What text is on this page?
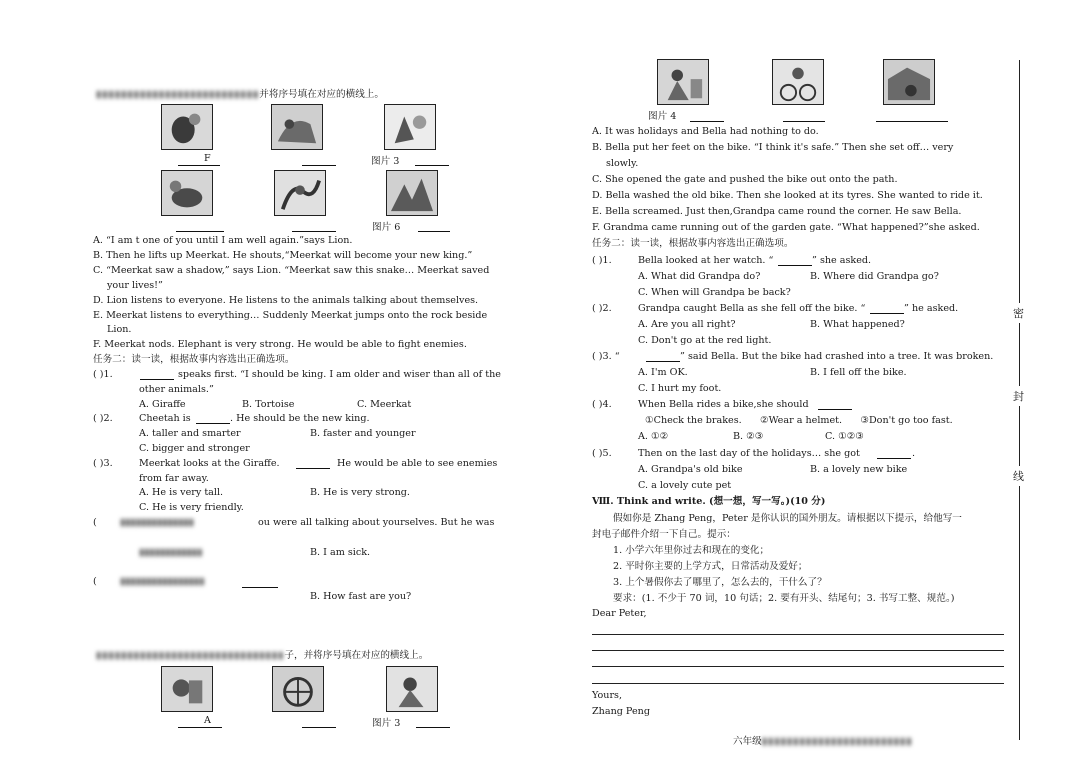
▮▮▮▮▮▮▮▮▮▮▮▮▮▮▮▮▮▮▮▮▮▮▮▮▮▮并将序号填在对应的横线上。
F	图片 3
图片 6
A. “I am t one of you until I am well again.”says Lion.
B. Then he lifts up Meerkat. He shouts,“Meerkat will become your new king.”
C. “Meerkat saw a shadow,” says Lion. “Meerkat saw this snake… Meerkat saved
your lives!”
D. Lion listens to everyone. He listens to the animals talking about themselves.
E. Meerkat listens to everything… Suddenly Meerkat jumps onto the rock beside
Lion.
F. Meerkat nods. Elephant is very strong. He would be able to fight enemies.
任务二：读一读，根据故事内容选出正确选项。
( )1.	speaks first. “I should be king. I am older and wiser than all of the
other animals.”
A. Giraffe	B. Tortoise	C. Meerkat
( )2.	Cheetah is	. He should be the new king.
A. taller and smarter	B. faster and younger
C. bigger and stronger
( )3.	Meerkat looks at the Giraffe.	He would be able to see enemies
from far away.
A. He is very tall.	B. He is very strong.
C. He is very friendly.
( ▮▮▮▮▮▮▮▮▮▮▮▮▮▮	ou were all talking about yourselves. But he was
▮▮▮▮▮▮▮▮▮▮▮▮	B. I am sick.
( ▮▮▮▮▮▮▮▮▮▮▮▮▮▮▮▮
B. How fast are you?
▮▮▮▮▮▮▮▮▮▮▮▮▮▮▮▮▮▮▮▮▮▮▮▮▮▮▮▮▮▮子，并将序号填在对应的横线上。
A	图片 3
图片 4
A. It was holidays and Bella had nothing to do.
B. Bella put her feet on the bike. “I think it's safe.” Then she set off… very
slowly.
C. She opened the gate and pushed the bike out onto the path.
D. Bella washed the old bike. Then she looked at its tyres. She wanted to ride it.
E. Bella screamed. Just then,Grandpa came round the corner. He saw Bella.
F. Grandma came running out of the garden gate. “What happened?”she asked.
任务二：读一读，根据故事内容选出正确选项。
( )1.	Bella looked at her watch. “	” she asked.
A. What did Grandpa do?	B. Where did Grandpa go?
C. When will Grandpa be back?
( )2.	Grandpa caught Bella as she fell off the bike. “	” he asked.
A. Are you all right?	B. What happened?
C. Don't go at the red light.
( )3. “	” said Bella. But the bike had crashed into a tree. It was broken.
A. I'm OK.	B. I fell off the bike.
C. I hurt my foot.
( )4.	When Bella rides a bike,she should
①Check the brakes.      ②Wear a helmet.      ③Don't go too fast.
A. ①②	B. ②③	C. ①②③
( )5.	Then on the last day of the holidays… she got	.
A. Grandpa's old bike	B. a lovely new bike
C. a lovely cute pet
Ⅷ. Think and write. (想一想，写一写。)(10 分)
假如你是 Zhang Peng，Peter 是你认识的国外朋友。请根据以下提示，给他写一
封电子邮件介绍一下自己。提示：
1. 小学六年里你过去和现在的变化；
2. 平时你主要的上学方式，日常活动及爱好；
3. 上个暑假你去了哪里了，怎么去的，干什么了？
要求：(1. 不少于 70 词，10 句话；2. 要有开头、结尾句；3. 书写工整、规范。)
Dear Peter,
Yours,
Zhang Peng
六年级▮▮▮▮▮▮▮▮▮▮▮▮▮▮▮▮▮▮▮▮▮▮▮▮
密
封
线
